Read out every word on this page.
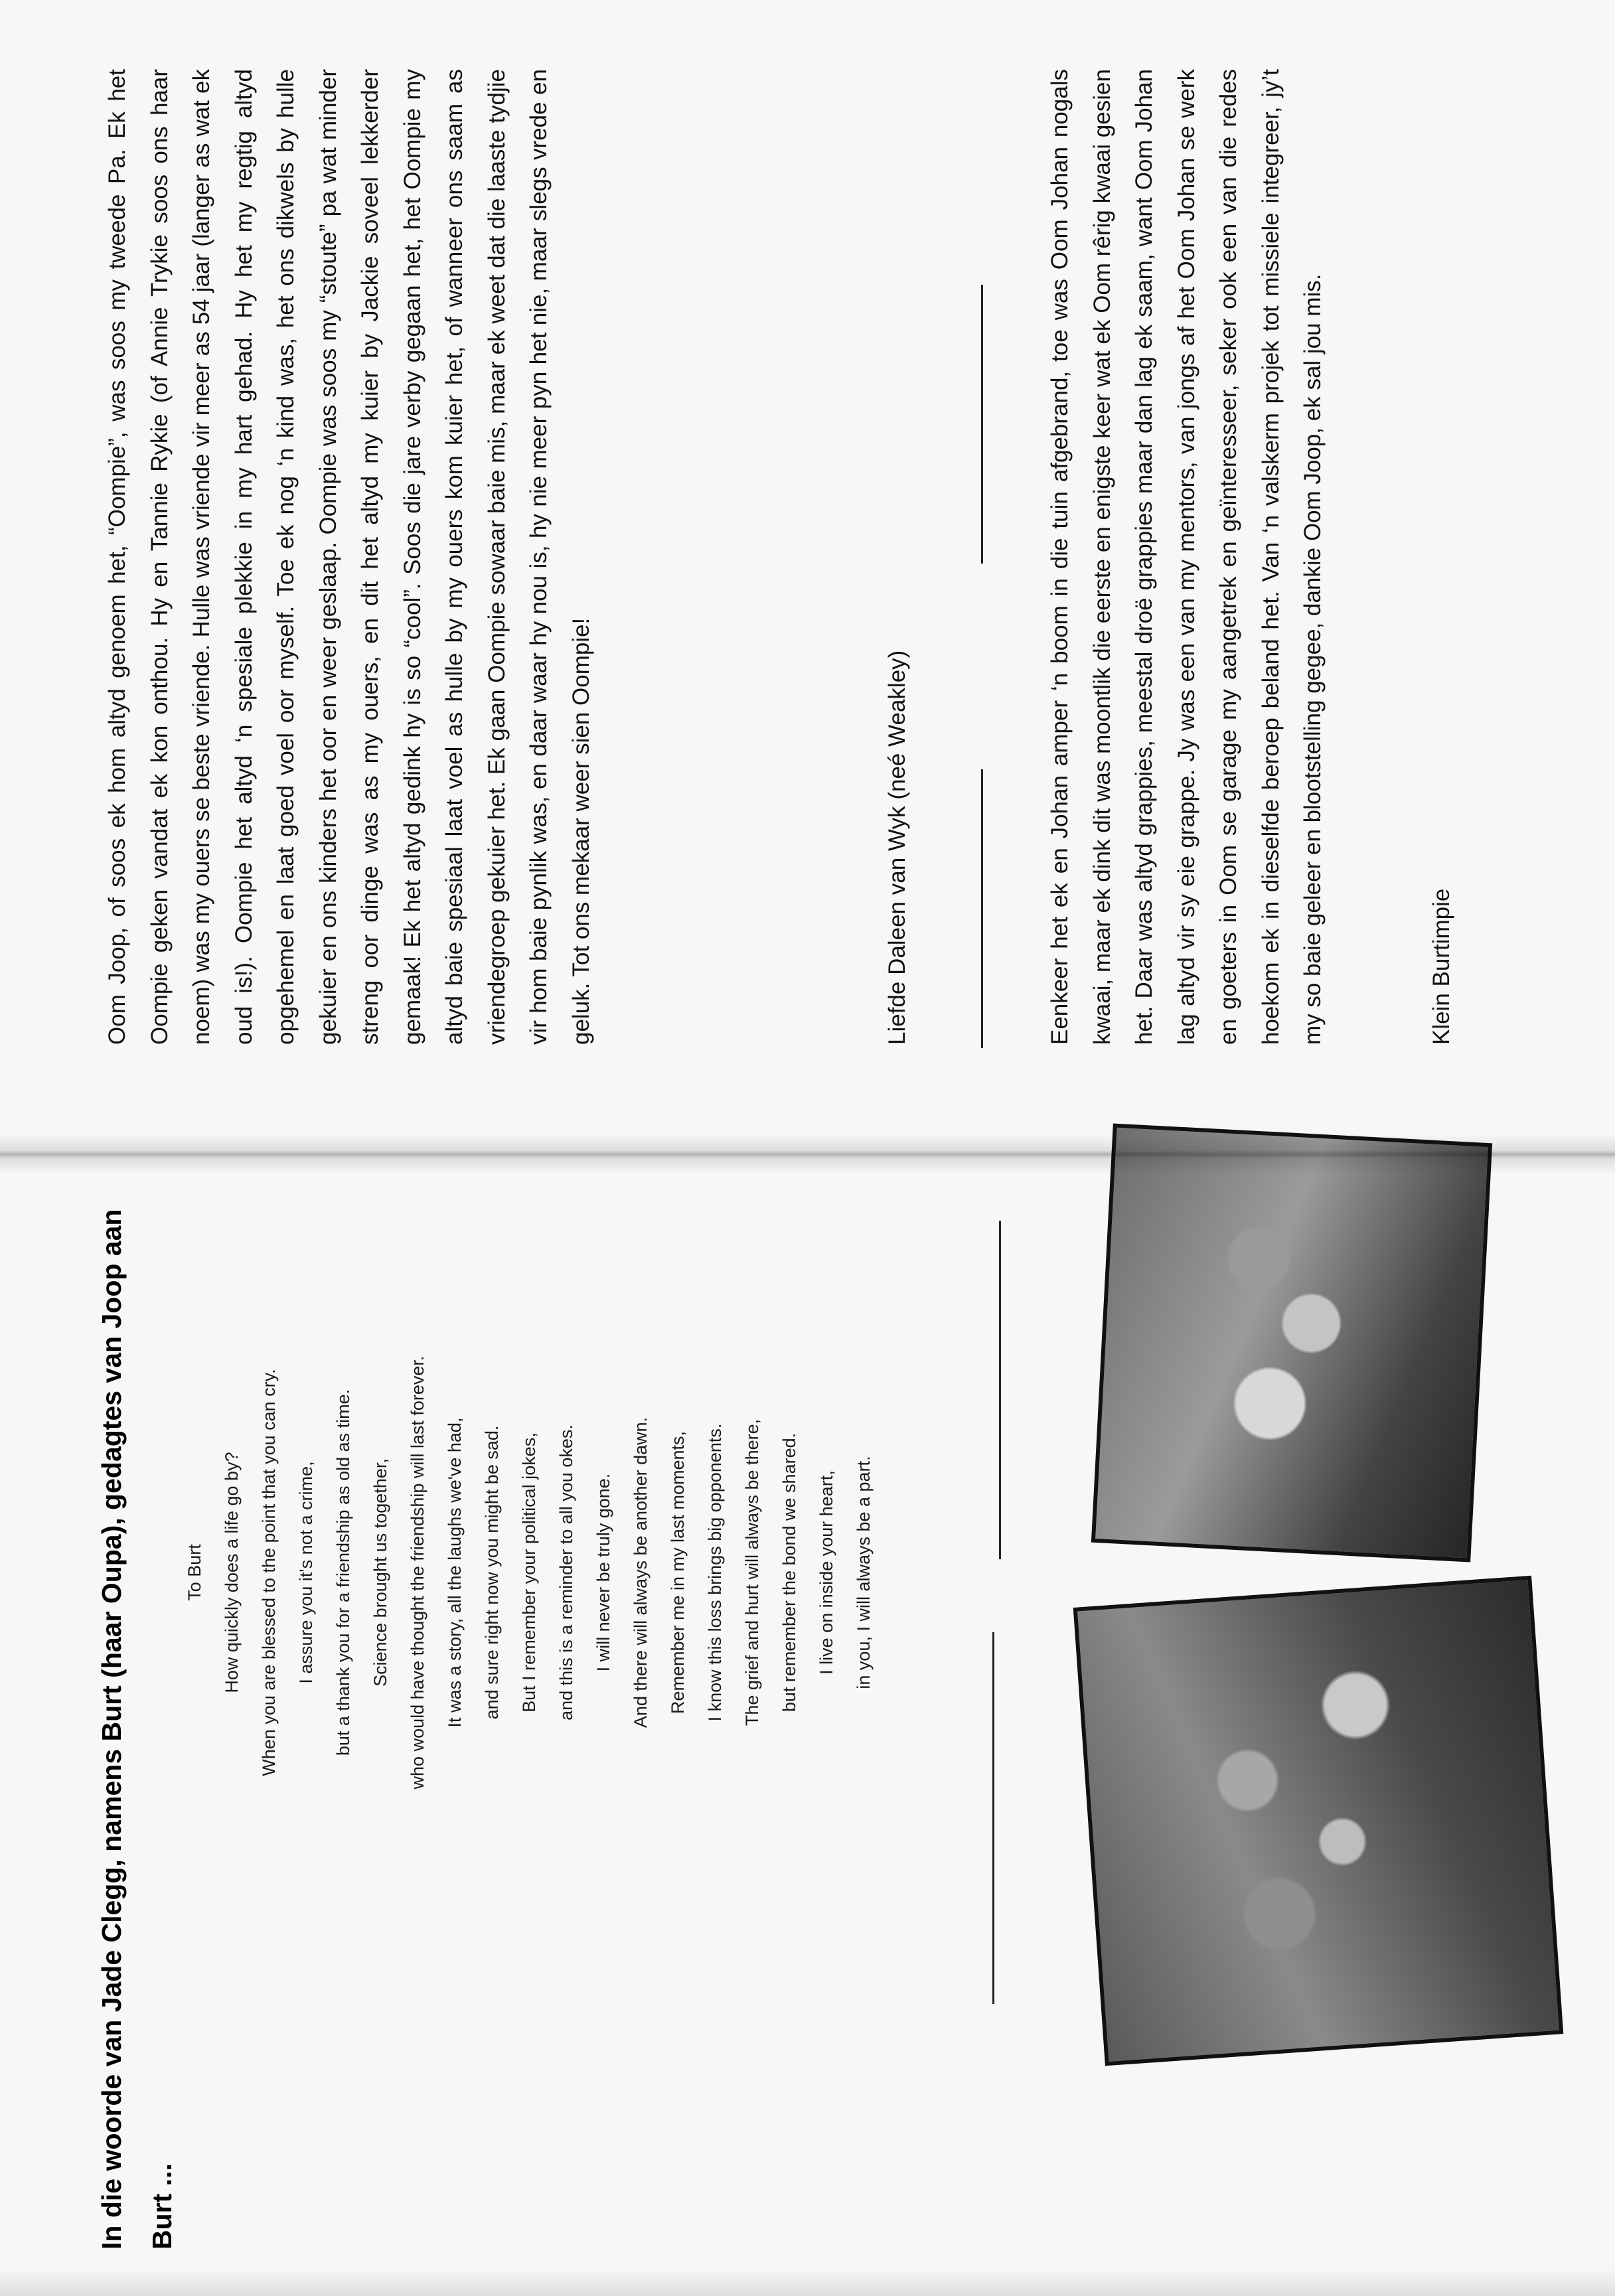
In die woorde van Jade Clegg, namens Burt (haar Oupa), gedagtes van Joop aan Burt ...
To Burt How quickly does a life go by? When you are blessed to the point that you can cry. I assure you it's not a crime, but a thank you for a friendship as old as time. Science brought us together, who would have thought the friendship will last forever. It was a story, all the laughs we've had, and sure right now you might be sad. But I remember your political jokes, and this is a reminder to all you okes. I will never be truly gone. And there will always be another dawn. Remember me in my last moments, I know this loss brings big opponents. The grief and hurt will always be there, but remember the bond we shared. I live on inside your heart, in you, I will always be a part.
Oom Joop, of soos ek hom altyd genoem het, “Oompie”, was soos my tweede Pa. Ek het Oompie geken vandat ek kon onthou. Hy en Tannie Rykie (of Annie Trykie soos ons haar noem) was my ouers se beste vriende. Hulle was vriende vir meer as 54 jaar (langer as wat ek oud is!). Oompie het altyd ‘n spesiale plekkie in my hart gehad. Hy het my regtig altyd opgehemel en laat goed voel oor myself. Toe ek nog ‘n kind was, het ons dikwels by hulle gekuier en ons kinders het oor en weer geslaap. Oompie was soos my “stoute” pa wat minder streng oor dinge was as my ouers, en dit het altyd my kuier by Jackie soveel lekkerder gemaak! Ek het altyd gedink hy is so “cool”. Soos die jare verby gegaan het, het Oompie my altyd baie spesiaal laat voel as hulle by my ouers kom kuier het, of wanneer ons saam as vriendegroep gekuier het. Ek gaan Oompie sowaar baie mis, maar ek weet dat die laaste tydjie vir hom baie pynlik was, en daar waar hy nou is, hy nie meer pyn het nie, maar slegs vrede en geluk. Tot ons mekaar weer sien Oompie!	Liefde Daleen van Wyk (neé Weakley)	Eenkeer het ek en Johan amper ‘n boom in die tuin afgebrand, toe was Oom Johan nogals kwaai, maar ek dink dit was moontlik die eerste en enigste keer wat ek Oom rêrig kwaai gesien het. Daar was altyd grappies, meestal droë grappies maar dan lag ek saam, want Oom Johan lag altyd vir sy eie grappe. Jy was een van my mentors, van jongs af het Oom Johan se werk en goeters in Oom se garage my aangetrek en geïnteresseer, seker ook een van die redes hoekom ek in dieselfde beroep beland het. Van ‘n valskerm projek tot missiele integreer, jy’t my so baie geleer en blootstelling gegee, dankie Oom Joop, ek sal jou mis.	Klein Burtimpie
